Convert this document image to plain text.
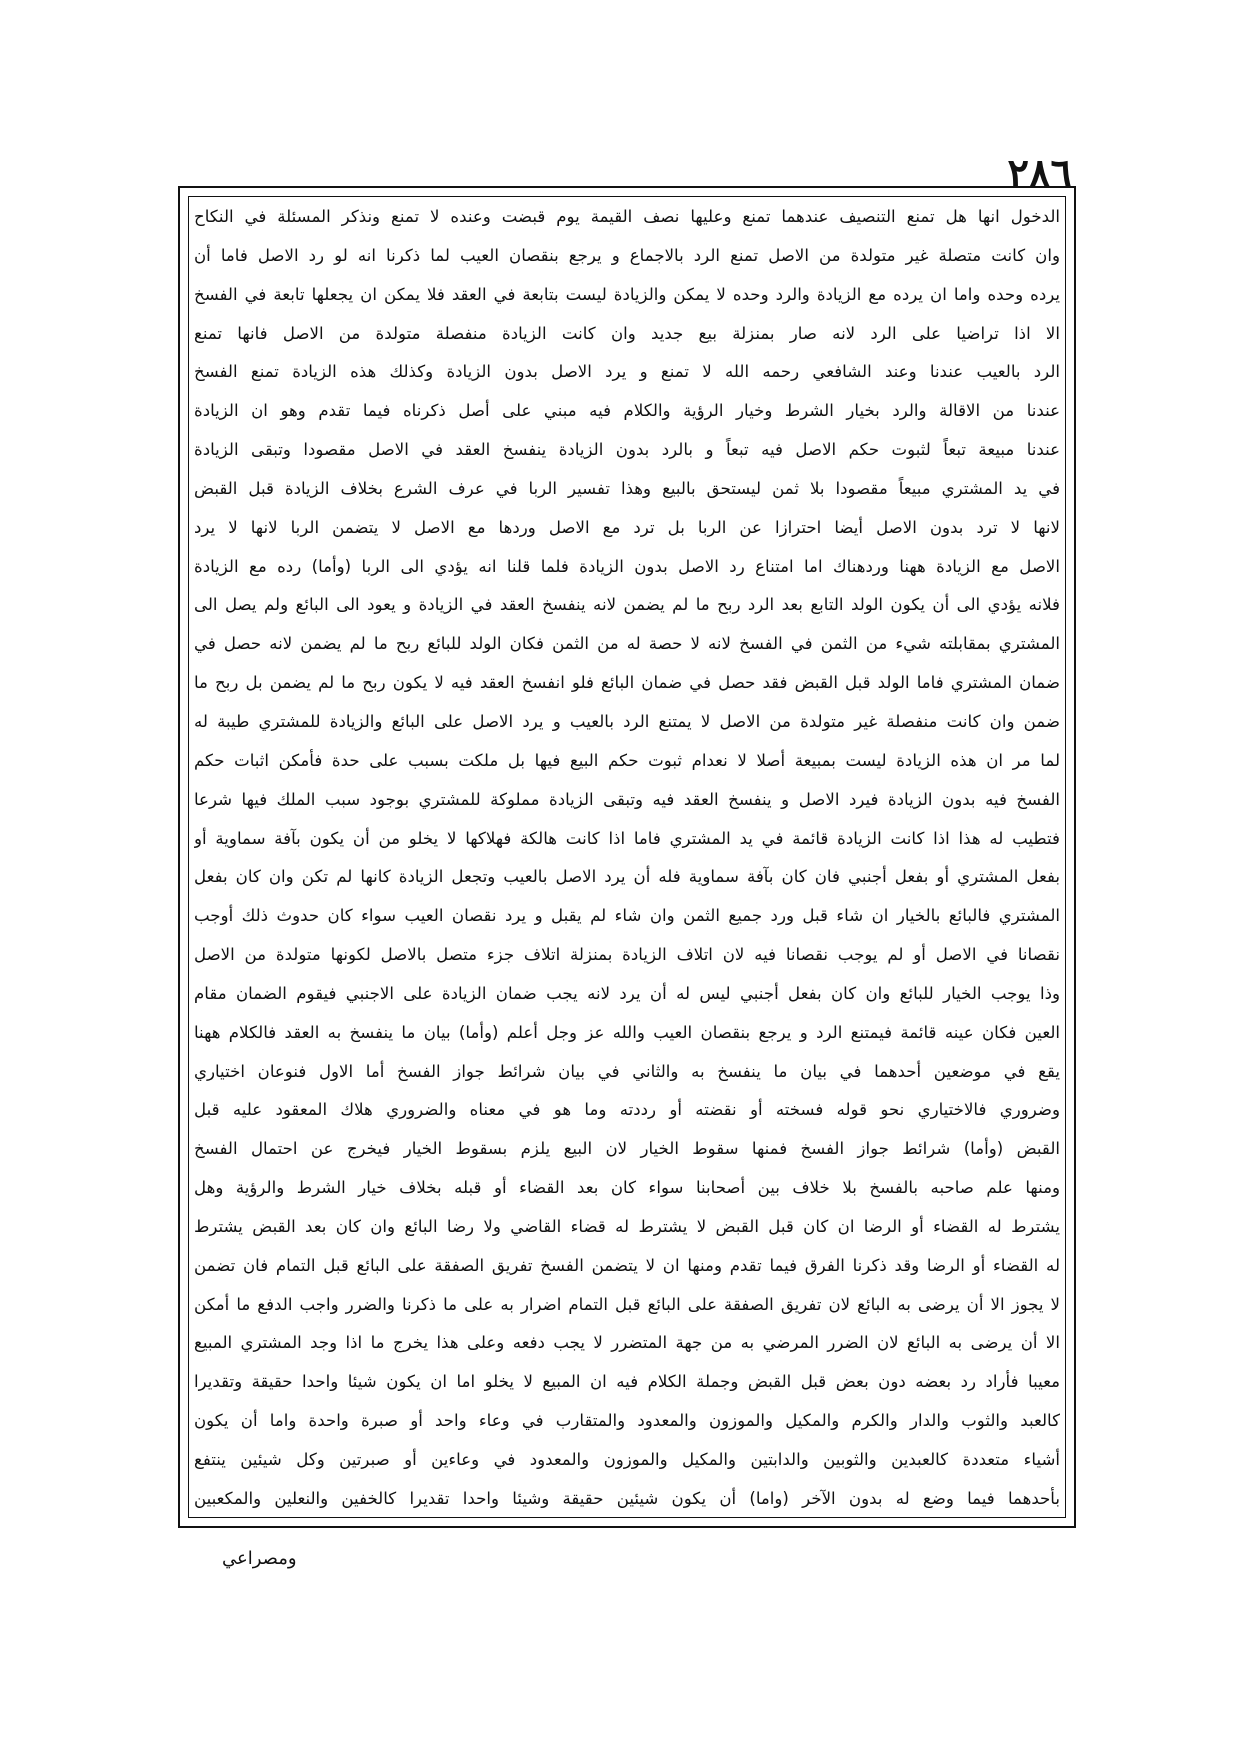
٢٨٦
الدخول انها هل تمنع التنصيف عندهما تمنع وعليها نصف القيمة يوم قبضت وعنده لا تمنع ونذكر المسئلة في النكاح
وان كانت متصلة غير متولدة من الاصل تمنع الرد بالاجماع و يرجع بنقصان العيب لما ذكرنا انه لو رد الاصل فاما أن
يرده وحده واما ان يرده مع الزيادة والرد وحده لا يمكن والزيادة ليست بتابعة في العقد فلا يمكن ان يجعلها تابعة في الفسخ
الا اذا تراضيا على الرد لانه صار بمنزلة بيع جديد وان كانت الزيادة منفصلة متولدة من الاصل فانها تمنع
الرد بالعيب عندنا وعند الشافعي رحمه الله لا تمنع و يرد الاصل بدون الزيادة وكذلك هذه الزيادة تمنع الفسخ
عندنا من الاقالة والرد بخيار الشرط وخيار الرؤية والكلام فيه مبني على أصل ذكرناه فيما تقدم وهو ان الزيادة
عندنا مبيعة تبعاً لثبوت حكم الاصل فيه تبعاً و بالرد بدون الزيادة ينفسخ العقد في الاصل مقصودا وتبقى الزيادة
في يد المشتري مبيعاً مقصودا بلا ثمن ليستحق بالبيع وهذا تفسير الربا في عرف الشرع بخلاف الزيادة قبل القبض
لانها لا ترد بدون الاصل أيضا احترازا عن الربا بل ترد مع الاصل وردها مع الاصل لا يتضمن الربا لانها لا يرد
الاصل مع الزيادة ههنا وردهناك اما امتناع رد الاصل بدون الزيادة فلما قلنا انه يؤدي الى الربا (وأما) رده مع الزيادة
فلانه يؤدي الى أن يكون الولد التابع بعد الرد ربح ما لم يضمن لانه ينفسخ العقد في الزيادة و يعود الى البائع ولم يصل الى
المشتري بمقابلته شيء من الثمن في الفسخ لانه لا حصة له من الثمن فكان الولد للبائع ربح ما لم يضمن لانه حصل في
ضمان المشتري فاما الولد قبل القبض فقد حصل في ضمان البائع فلو انفسخ العقد فيه لا يكون ربح ما لم يضمن بل ربح ما
ضمن وان كانت منفصلة غير متولدة من الاصل لا يمتنع الرد بالعيب و يرد الاصل على البائع والزيادة للمشتري طيبة له
لما مر ان هذه الزيادة ليست بمبيعة أصلا لا نعدام ثبوت حكم البيع فيها بل ملكت بسبب على حدة فأمكن اثبات حكم
الفسخ فيه بدون الزيادة فيرد الاصل و ينفسخ العقد فيه وتبقى الزيادة مملوكة للمشتري بوجود سبب الملك فيها شرعا
فتطيب له هذا اذا كانت الزيادة قائمة في يد المشتري فاما اذا كانت هالكة فهلاكها لا يخلو من أن يكون بآفة سماوية أو
بفعل المشتري أو بفعل أجنبي فان كان بآفة سماوية فله أن يرد الاصل بالعيب وتجعل الزيادة كانها لم تكن وان كان بفعل
المشتري فالبائع بالخيار ان شاء قبل ورد جميع الثمن وان شاء لم يقبل و يرد نقصان العيب سواء كان حدوث ذلك أوجب
نقصانا في الاصل أو لم يوجب نقصانا فيه لان اتلاف الزيادة بمنزلة اتلاف جزء متصل بالاصل لكونها متولدة من الاصل
وذا يوجب الخيار للبائع وان كان بفعل أجنبي ليس له أن يرد لانه يجب ضمان الزيادة على الاجنبي فيقوم الضمان مقام
العين فكان عينه قائمة فيمتنع الرد و يرجع بنقصان العيب والله عز وجل أعلم (وأما) بيان ما ينفسخ به العقد فالكلام ههنا
يقع في موضعين أحدهما في بيان ما ينفسخ به والثاني في بيان شرائط جواز الفسخ أما الاول فنوعان اختياري
وضروري فالاختياري نحو قوله فسخته أو نقضته أو رددته وما هو في معناه والضروري هلاك المعقود عليه قبل
القبض (وأما) شرائط جواز الفسخ فمنها سقوط الخيار لان البيع يلزم بسقوط الخيار فيخرج عن احتمال الفسخ
ومنها علم صاحبه بالفسخ بلا خلاف بين أصحابنا سواء كان بعد القضاء أو قبله بخلاف خيار الشرط والرؤية وهل
يشترط له القضاء أو الرضا ان كان قبل القبض لا يشترط له قضاء القاضي ولا رضا البائع وان كان بعد القبض يشترط
له القضاء أو الرضا وقد ذكرنا الفرق فيما تقدم ومنها ان لا يتضمن الفسخ تفريق الصفقة على البائع قبل التمام فان تضمن
لا يجوز الا أن يرضى به البائع لان تفريق الصفقة على البائع قبل التمام اضرار به على ما ذكرنا والضرر واجب الدفع ما أمكن
الا أن يرضى به البائع لان الضرر المرضي به من جهة المتضرر لا يجب دفعه وعلى هذا يخرج ما اذا وجد المشتري المبيع
معيبا فأراد رد بعضه دون بعض قبل القبض وجملة الكلام فيه ان المبيع لا يخلو اما ان يكون شيئا واحدا حقيقة وتقديرا
كالعبد والثوب والدار والكرم والمكيل والموزون والمعدود والمتقارب في وعاء واحد أو صبرة واحدة واما أن يكون
أشياء متعددة كالعبدين والثوبين والدابتين والمكيل والموزون والمعدود في وعاءين أو صبرتين وكل شيئين ينتفع
بأحدهما فيما وضع له بدون الآخر (واما) أن يكون شيئين حقيقة وشيئا واحدا تقديرا كالخفين والنعلين والمكعبين
ومصراعي
